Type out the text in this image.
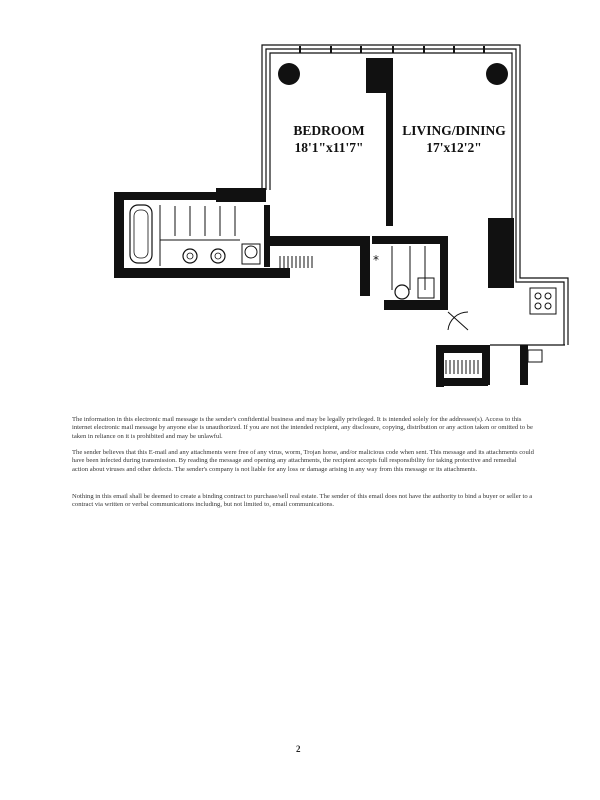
*
BEDROOM
18'1"x11'7"
LIVING/DINING
17'x12'2"

The information in this electronic mail message is the sender's confidential business and may be legally privileged. It is intended solely for the addressee(s). Access to this internet electronic mail message by anyone else is unauthorized. If you are not the intended recipient, any disclosure, copying, distribution or any action taken or omitted to be taken in reliance on it is prohibited and may be unlawful.

The sender believes that this E-mail and any attachments were free of any virus, worm, Trojan horse, and/or malicious code when sent. This message and its attachments could have been infected during transmission. By reading the message and opening any attachments, the recipient accepts full responsibility for taking protective and remedial action about viruses and other defects. The sender's company is not liable for any loss or damage arising in any way from this message or its attachments.

Nothing in this email shall be deemed to create a binding contract to purchase/sell real estate. The sender of this email does not have the authority to bind a buyer or seller to a contract via written or verbal communications including, but not limited to, email communications.

2
